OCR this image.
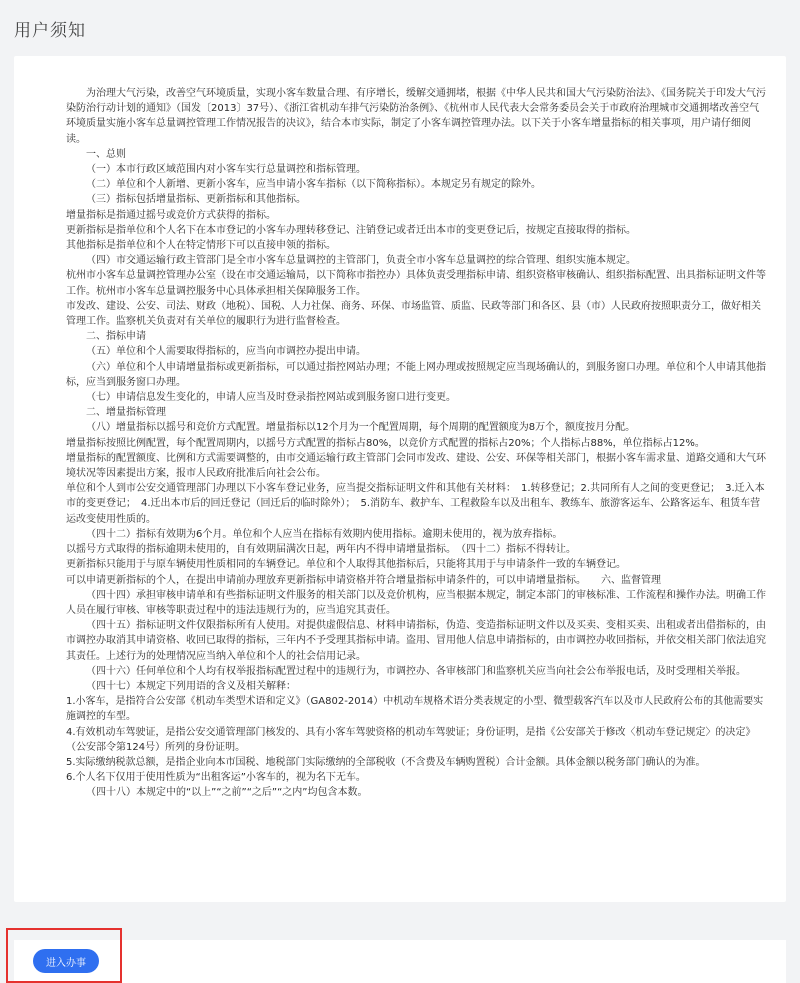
用户须知

为治理大气污染，改善空气环境质量，实现小客车数量合理、有序增长，缓解交通拥堵，根据《中华人民共和国大气污染防治法》、《国务院关于印发大气污染防治行动计划的通知》（国发〔2013〕37号）、《浙江省机动车排气污染防治条例》、《杭州市人民代表大会常务委员会关于市政府治理城市交通拥堵改善空气环境质量实施小客车总量调控管理工作情况报告的决议》，结合本市实际，制定了小客车调控管理办法。以下关于小客车增量指标的相关事项，用户请仔细阅读。

一、总则

（一）本市行政区域范围内对小客车实行总量调控和指标管理。

（二）单位和个人新增、更新小客车，应当申请小客车指标（以下简称指标）。本规定另有规定的除外。

（三）指标包括增量指标、更新指标和其他指标。

增量指标是指通过摇号或竞价方式获得的指标。

更新指标是指单位和个人名下在本市登记的小客车办理转移登记、注销登记或者迁出本市的变更登记后，按规定直接取得的指标。

其他指标是指单位和个人在特定情形下可以直接申领的指标。

（四）市交通运输行政主管部门是全市小客车总量调控的主管部门，负责全市小客车总量调控的综合管理、组织实施本规定。

杭州市小客车总量调控管理办公室（设在市交通运输局，以下简称市指控办）具体负责受理指标申请、组织资格审核确认、组织指标配置、出具指标证明文件等工作。杭州市小客车总量调控服务中心具体承担相关保障服务工作。

市发改、建设、公安、司法、财政（地税）、国税、人力社保、商务、环保、市场监管、质监、民政等部门和各区、县（市）人民政府按照职责分工，做好相关管理工作。监察机关负责对有关单位的履职行为进行监督检查。

二、指标申请

（五）单位和个人需要取得指标的，应当向市调控办提出申请。

（六）单位和个人申请增量指标或更新指标，可以通过指控网站办理；不能上网办理或按照规定应当现场确认的，到服务窗口办理。单位和个人申请其他指标，应当到服务窗口办理。

（七）申请信息发生变化的，申请人应当及时登录指控网站或到服务窗口进行变更。

二、增量指标管理

（八）增量指标以摇号和竞价方式配置。增量指标以12个月为一个配置周期，每个周期的配置额度为8万个，额度按月分配。

增量指标按照比例配置，每个配置周期内，以摇号方式配置的指标占80%，以竞价方式配置的指标占20%；个人指标占88%，单位指标占12%。

增量指标的配置额度、比例和方式需要调整的，由市交通运输行政主管部门会同市发改、建设、公安、环保等相关部门，根据小客车需求量、道路交通和大气环境状况等因素提出方案，报市人民政府批准后向社会公布。

单位和个人到市公安交通管理部门办理以下小客车登记业务，应当提交指标证明文件和其他有关材料：　1.转移登记；2.共同所有人之间的变更登记；　3.迁入本市的变更登记；　4.迁出本市后的回迁登记（回迁后的临时除外）；　5.消防车、救护车、工程救险车以及出租车、教练车、旅游客运车、公路客运车、租赁车营运改变使用性质的。

（四十二）指标有效期为6个月。单位和个人应当在指标有效期内使用指标。逾期未使用的，视为放弃指标。

以摇号方式取得的指标逾期未使用的，自有效期届满次日起，两年内不得申请增量指标。　（四十二）指标不得转让。

更新指标只能用于与原车辆使用性质相同的车辆登记。单位和个人取得其他指标后，只能将其用于与申请条件一致的车辆登记。

可以申请更新指标的个人，在提出申请前办理放弃更新指标申请资格并符合增量指标申请条件的，可以申请增量指标。　　六、监督管理

（四十四）承担审核申请单和有些指标证明文件服务的相关部门以及竞价机构，应当根据本规定，制定本部门的审核标准、工作流程和操作办法。明确工作人员在履行审核、审核等职责过程中的违法违规行为的，应当追究其责任。

（四十五）指标证明文件仅限指标所有人使用。对提供虚假信息、材料申请指标，伪造、变造指标证明文件以及买卖、变相买卖、出租或者出借指标的，由市调控办取消其申请资格、收回已取得的指标，三年内不予受理其指标申请。盗用、冒用他人信息申请指标的，由市调控办收回指标，并依交相关部门依法追究其责任。上述行为的处理情况应当纳入单位和个人的社会信用记录。

（四十六）任何单位和个人均有权举报指标配置过程中的违规行为，市调控办、各审核部门和监察机关应当向社会公布举报电话，及时受理相关举报。

（四十七）本规定下列用语的含义及相关解释：

1.小客车，是指符合公安部《机动车类型术语和定义》（GA802-2014）中机动车规格术语分类表规定的小型、微型载客汽车以及市人民政府公布的其他需要实施调控的车型。

4.有效机动车驾驶证，是指公安交通管理部门核发的、具有小客车驾驶资格的机动车驾驶证；身份证明，是指《公安部关于修改〈机动车登记规定〉的决定》（公安部令第124号）所列的身份证明。

5.实际缴纳税款总额，是指企业向本市国税、地税部门实际缴纳的全部税收（不含费及车辆购置税）合计金额。具体金额以税务部门确认的为准。

6.个人名下仅用于使用性质为“出租客运”小客车的，视为名下无车。

（四十八）本规定中的“以上”“之前”“之后”“之内”均包含本数。

进入办事
